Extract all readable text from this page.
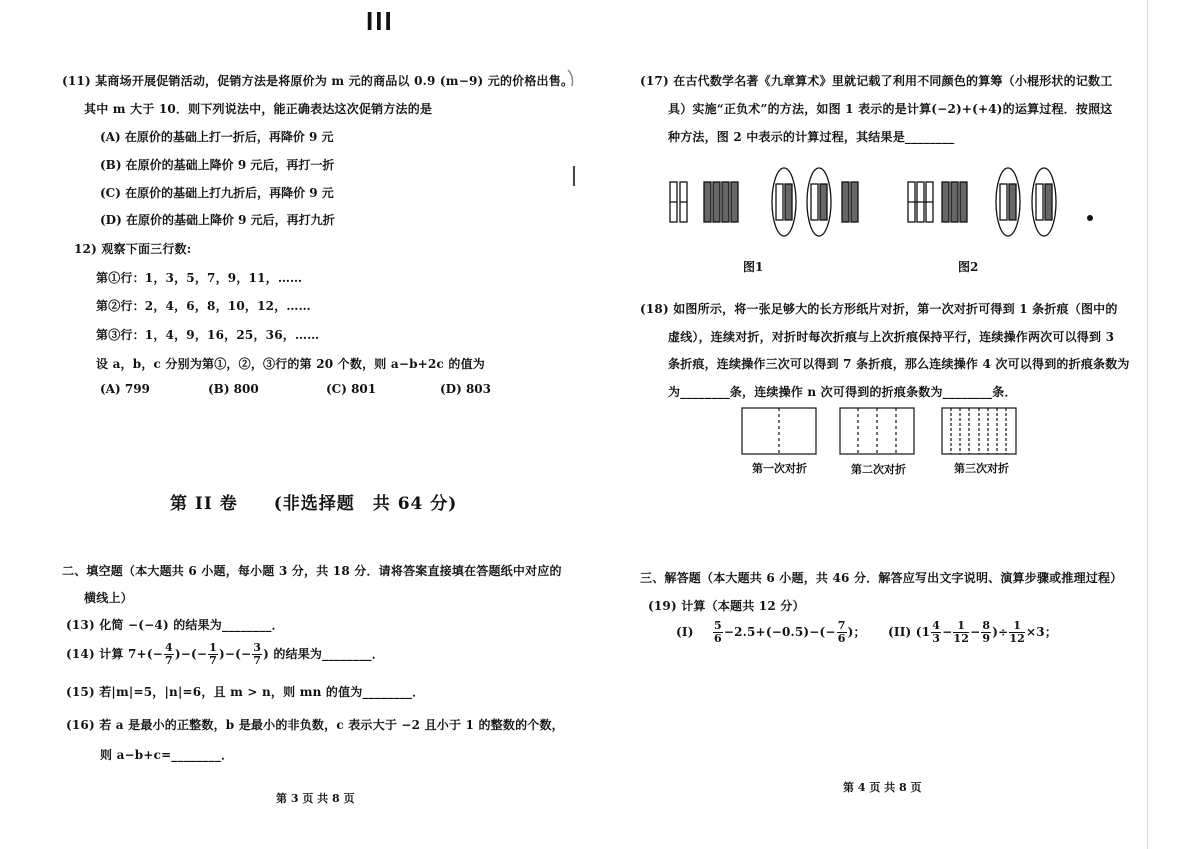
III
(11) 某商场开展促销活动，促销方法是将原价为 m 元的商品以 0.9 (m−9) 元的价格出售。
其中 m 大于 10．则下列说法中，能正确表达这次促销方法的是
(A) 在原价的基础上打一折后，再降价 9 元
(B) 在原价的基础上降价 9 元后，再打一折
(C) 在原价的基础上打九折后，再降价 9 元
(D) 在原价的基础上降价 9 元后，再打九折
12) 观察下面三行数:
第①行：1，3，5，7，9，11，……
第②行：2，4，6，8，10，12，……
第③行：1，4，9，16，25，36，……
设 a，b，c 分别为第①，②，③行的第 20 个数，则 a−b+2c 的值为
(A) 799	(B) 800	(C) 801	(D) 803
第 II 卷　　(非选择题　共 64 分)
二、填空题（本大题共 6 小题，每小题 3 分，共 18 分．请将答案直接填在答题纸中对应的
横线上）
(13) 化简 −(−4) 的结果为________．
(14) 计算 $7+(- \frac{4}{7}$ )−(− $\frac{1}{7}$ )−(− $\frac{3}{7}$ ) 的结果为________．
(15) 若|m|=5，|n|=6，且 m > n，则 mn 的值为________．
(16) 若 a 是最小的正整数，b 是最小的非负数，c 表示大于 −2 且小于 1 的整数的个数，
则 a−b+c=________．
第 3 页 共 8 页
(17) 在古代数学名著《九章算术》里就记载了利用不同颜色的算筹（小棍形状的记数工
具）实施“正负术”的方法，如图 1 表示的是计算(−2)+(+4)的运算过程．按照这
种方法，图 2 中表示的计算过程，其结果是________
图1	图2
(18) 如图所示，将一张足够大的长方形纸片对折，第一次对折可得到 1 条折痕（图中的
虚线），连续对折，对折时每次折痕与上次折痕保持平行，连续操作两次可以得到 3
条折痕，连续操作三次可以得到 7 条折痕，那么连续操作 4 次可以得到的折痕条数为
为________条，连续操作 n 次可得到的折痕条数为________条．
第一次对折	第二次对折	第三次对折
三、解答题（本大题共 6 小题，共 46 分．解答应写出文字说明、演算步骤或推理过程）
(19) 计算（本题共 12 分）
$(I) \frac{5}{6} -2.5+(-0.5)-(- \frac{7}{6}$ )； (II) ($1 \frac{4}{3} - \frac{1}{12} - \frac{8}{9}$ )÷ $\frac{1}{12} \times 3$；
第 4 页 共 8 页
